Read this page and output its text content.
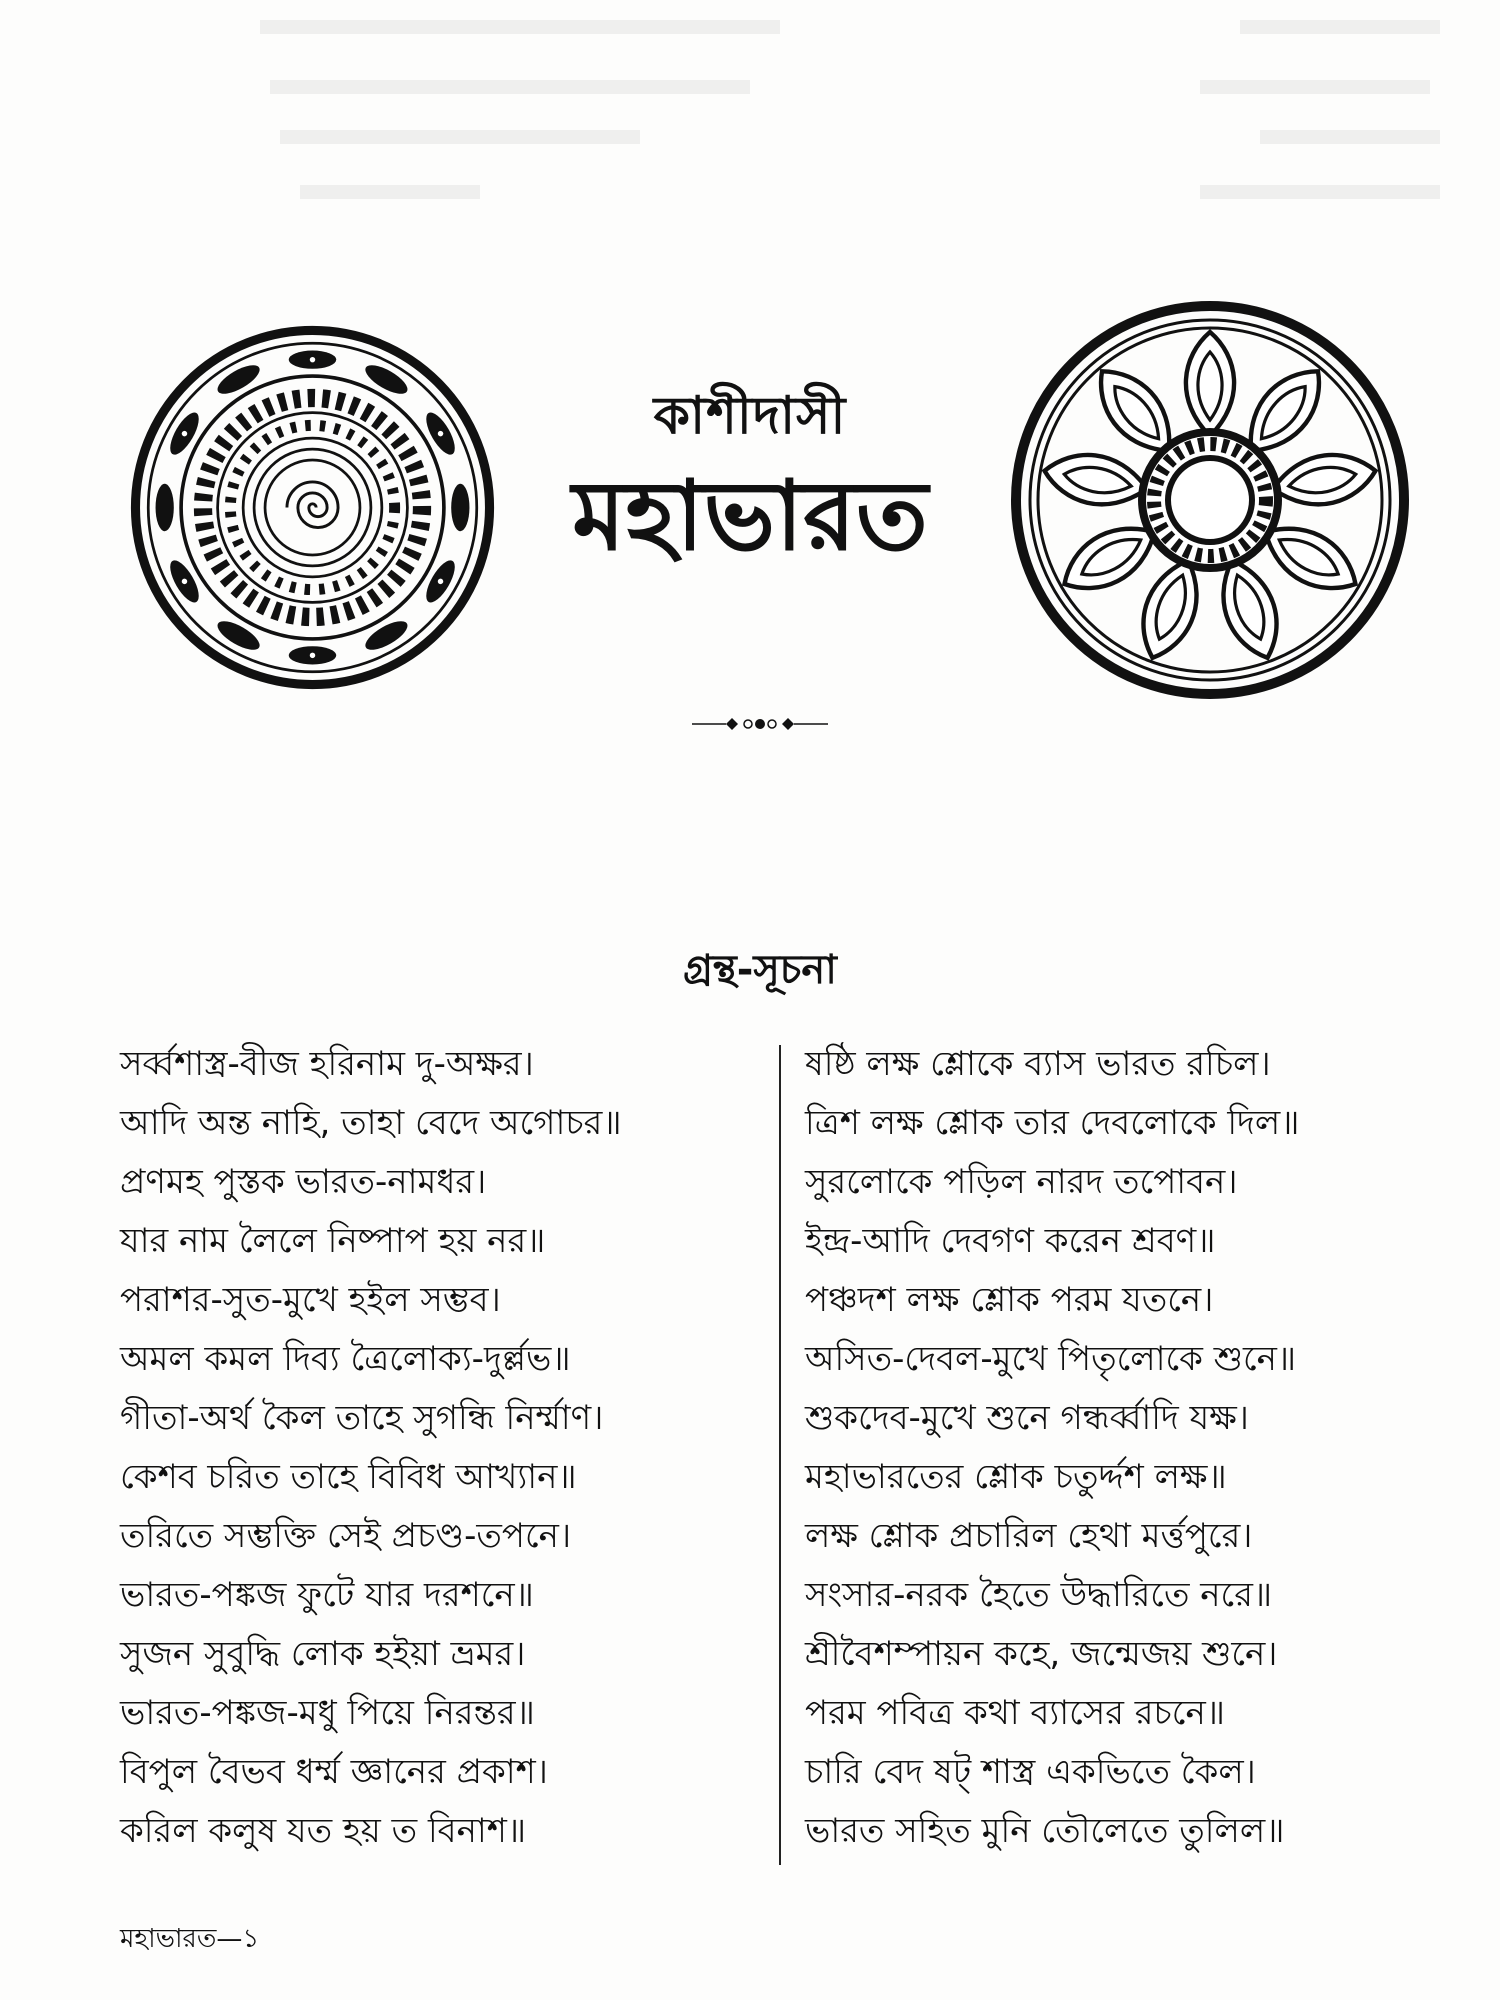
কাশীদাসী
মহাভারত
গ্রন্থ-সূচনা
সর্ব্বশাস্ত্র-বীজ হরিনাম দু-অক্ষর।
আদি অন্ত নাহি, তাহা বেদে অগোচর॥
প্রণমহ পুস্তক ভারত-নামধর।
যার নাম লৈলে নিষ্পাপ হয় নর॥
পরাশর-সুত-মুখে হইল সম্ভব।
অমল কমল দিব্য ত্রৈলোক্য-দুর্ল্লভ॥
গীতা-অর্থ কৈল তাহে সুগন্ধি নির্ম্মাণ।
কেশব চরিত তাহে বিবিধ আখ্যান॥
তরিতে সম্ভক্তি সেই প্রচণ্ড-তপনে।
ভারত-পঙ্কজ ফুটে যার দরশনে॥
সুজন সুবুদ্ধি লোক হইয়া ভ্রমর।
ভারত-পঙ্কজ-মধু পিয়ে নিরন্তর॥
বিপুল বৈভব ধর্ম্ম জ্ঞানের প্রকাশ।
করিল কলুষ যত হয় ত বিনাশ॥
ষষ্ঠি লক্ষ শ্লোকে ব্যাস ভারত রচিল।
ত্রিশ লক্ষ শ্লোক তার দেবলোকে দিল॥
সুরলোকে পড়িল নারদ তপোবন।
ইন্দ্র-আদি দেবগণ করেন শ্রবণ॥
পঞ্চদশ লক্ষ শ্লোক পরম যতনে।
অসিত-দেবল-মুখে পিতৃলোকে শুনে॥
শুকদেব-মুখে শুনে গন্ধর্ব্বাদি যক্ষ।
মহাভারতের শ্লোক চতুর্দ্দশ লক্ষ॥
লক্ষ শ্লোক প্রচারিল হেথা মর্ত্তপুরে।
সংসার-নরক হৈতে উদ্ধারিতে নরে॥
শ্রীবৈশম্পায়ন কহে, জন্মেজয় শুনে।
পরম পবিত্র কথা ব্যাসের রচনে॥
চারি বেদ ষট্ শাস্ত্র একভিতে কৈল।
ভারত সহিত মুনি তৌলেতে তুলিল॥
মহাভারত—১
